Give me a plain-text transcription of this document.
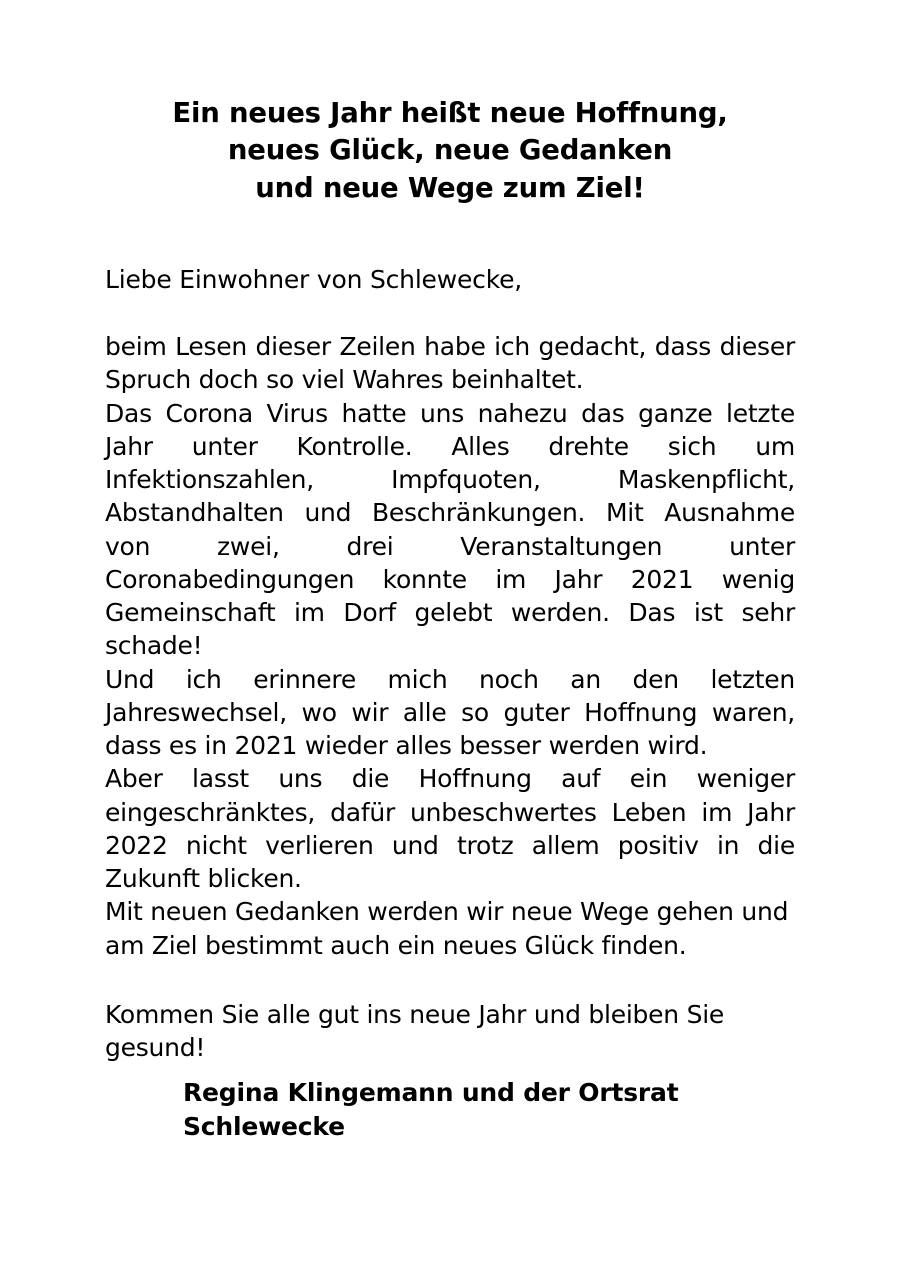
Ein neues Jahr heißt neue Hoffnung,
neues Glück, neue Gedanken
und neue Wege zum Ziel!
Liebe Einwohner von Schlewecke,

beim Lesen dieser Zeilen habe ich gedacht, dass dieser Spruch doch so viel Wahres beinhaltet.

Das Corona Virus hatte uns nahezu das ganze letzte Jahr unter Kontrolle. Alles drehte sich um Infektionszahlen, Impfquoten, Maskenpflicht, Abstandhalten und Beschränkungen. Mit Ausnahme von zwei, drei Veranstaltungen unter Coronabedingungen konnte im Jahr 2021 wenig Gemeinschaft im Dorf gelebt werden. Das ist sehr schade!

Und ich erinnere mich noch an den letzten Jahreswechsel, wo wir alle so guter Hoffnung waren, dass es in 2021 wieder alles besser werden wird.

Aber lasst uns die Hoffnung auf ein weniger eingeschränktes, dafür unbeschwertes Leben im Jahr 2022 nicht verlieren und trotz allem positiv in die Zukunft blicken.

Mit neuen Gedanken werden wir neue Wege gehen und am Ziel bestimmt auch ein neues Glück finden.

Kommen Sie alle gut ins neue Jahr und bleiben Sie gesund!
Regina Klingemann und der Ortsrat Schlewecke
